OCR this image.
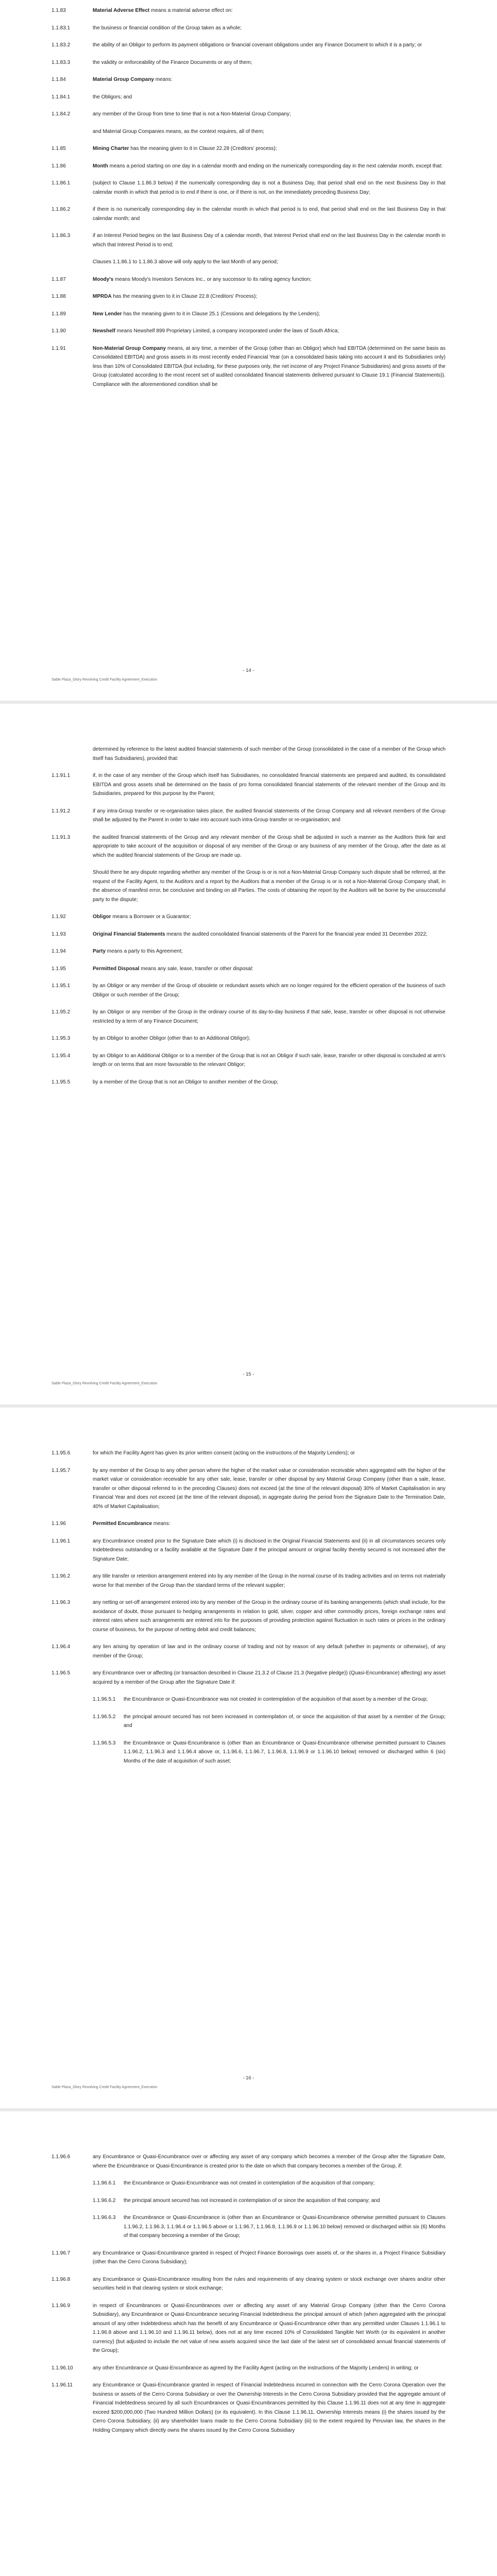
1.1.83	Material Adverse Effect means a material adverse effect on:
1.1.83.1	the business or financial condition of the Group taken as a whole;
1.1.83.2	the ability of an Obligor to perform its payment obligations or financial covenant obligations under any Finance Document to which it is a party; or
1.1.83.3	the validity or enforceability of the Finance Documents or any of them;
1.1.84	Material Group Company means:
1.1.84.1	the Obligors; and
1.1.84.2	any member of the Group from time to time that is not a Non-Material Group Company;
and Material Group Companies means, as the context requires, all of them;
1.1.85	Mining Charter has the meaning given to it in Clause 22.28 (Creditors' process);
1.1.86	Month means a period starting on one day in a calendar month and ending on the numerically corresponding day in the next calendar month, except that:
1.1.86.1	(subject to Clause 1.1.86.3 below) if the numerically corresponding day is not a Business Day, that period shall end on the next Business Day in that calendar month in which that period is to end if there is one, or if there is not, on the immediately preceding Business Day;
1.1.86.2	if there is no numerically corresponding day in the calendar month in which that period is to end, that period shall end on the last Business Day in that calendar month; and
1.1.86.3	if an Interest Period begins on the last Business Day of a calendar month, that Interest Period shall end on the last Business Day in the calendar month in which that Interest Period is to end;
Clauses 1.1.86.1 to 1.1.86.3 above will only apply to the last Month of any period;
1.1.87	Moody's means Moody's Investors Services Inc., or any successor to its rating agency function;
1.1.88	MPRDA has the meaning given to it in Clause 22.8 (Creditors' Process);
1.1.89	New Lender has the meaning given to it in Clause 25.1 (Cessions and delegations by the Lenders);
1.1.90	Newshelf means Newshelf 899 Proprietary Limited, a company incorporated under the laws of South Africa;
1.1.91	Non-Material Group Company means, at any time, a member of the Group (other than an Obligor) which had EBITDA (determined on the same basis as Consolidated EBITDA) and gross assets in its most recently ended Financial Year (on a consolidated basis taking into account it and its Subsidiaries only) less than 10% of Consolidated EBITDA (but including, for these purposes only, the net income of any Project Finance Subsidiaries) and gross assets of the Group (calculated according to the most recent set of audited consolidated financial statements delivered pursuant to Clause 19.1 (Financial Statements)). Compliance with the aforementioned condition shall be
- 14 -
Sable Plaza_Glory Revolving Credit Facility Agreement_Execution
determined by reference to the latest audited financial statements of such member of the Group (consolidated in the case of a member of the Group which itself has Subsidiaries), provided that:
1.1.91.1	if, in the case of any member of the Group which itself has Subsidiaries, no consolidated financial statements are prepared and audited, its consolidated EBITDA and gross assets shall be determined on the basis of pro forma consolidated financial statements of the relevant member of the Group and its Subsidiaries, prepared for this purpose by the Parent;
1.1.91.2	if any intra-Group transfer or re-organisation takes place, the audited financial statements of the Group Company and all relevant members of the Group shall be adjusted by the Parent in order to take into account such intra-Group transfer or re-organisation; and
1.1.91.3	the audited financial statements of the Group and any relevant member of the Group shall be adjusted in such a manner as the Auditors think fair and appropriate to take account of the acquisition or disposal of any member of the Group or any business of any member of the Group, after the date as at which the audited financial statements of the Group are made up.
Should there be any dispute regarding whether any member of the Group is or is not a Non-Material Group Company such dispute shall be referred, at the request of the Facility Agent, to the Auditors and a report by the Auditors that a member of the Group is or is not a Non-Material Group Company shall, in the absence of manifest error, be conclusive and binding on all Parties. The costs of obtaining the report by the Auditors will be borne by the unsuccessful party to the dispute;
1.1.92	Obligor means a Borrower or a Guarantor;
1.1.93	Original Financial Statements means the audited consolidated financial statements of the Parent for the financial year ended 31 December 2022;
1.1.94	Party means a party to this Agreement;
1.1.95	Permitted Disposal means any sale, lease, transfer or other disposal:
1.1.95.1	by an Obligor or any member of the Group of obsolete or redundant assets which are no longer required for the efficient operation of the business of such Obligor or such member of the Group;
1.1.95.2	by an Obligor or any member of the Group in the ordinary course of its day-to-day business if that sale, lease, transfer or other disposal is not otherwise restricted by a term of any Finance Document;
1.1.95.3	by an Obligor to another Obligor (other than to an Additional Obligor);
1.1.95.4	by an Obligor to an Additional Obligor or to a member of the Group that is not an Obligor if such sale, lease, transfer or other disposal is concluded at arm's length or on terms that are more favourable to the relevant Obligor;
1.1.95.5	by a member of the Group that is not an Obligor to another member of the Group;
- 15 -
Sable Plaza_Glory Revolving Credit Facility Agreement_Execution
1.1.95.6	for which the Facility Agent has given its prior written consent (acting on the instructions of the Majority Lenders); or
1.1.95.7	by any member of the Group to any other person where the higher of the market value or consideration receivable when aggregated with the higher of the market value or consideration receivable for any other sale, lease, transfer or other disposal by any Material Group Company (other than a sale, lease, transfer or other disposal referred to in the preceding Clauses) does not exceed (at the time of the relevant disposal) 30% of Market Capitalisation in any Financial Year and does not exceed (at the time of the relevant disposal), in aggregate during the period from the Signature Date to the Termination Date, 40% of Market Capitalisation;
1.1.96	Permitted Encumbrance means:
1.1.96.1	any Encumbrance created prior to the Signature Date which (i) is disclosed in the Original Financial Statements and (ii) in all circumstances secures only Indebtedness outstanding or a facility available at the Signature Date if the principal amount or original facility thereby secured is not increased after the Signature Date;
1.1.96.2	any title transfer or retention arrangement entered into by any member of the Group in the normal course of its trading activities and on terms not materially worse for that member of the Group than the standard terms of the relevant supplier;
1.1.96.3	any netting or set-off arrangement entered into by any member of the Group in the ordinary course of its banking arrangements (which shall include, for the avoidance of doubt, those pursuant to hedging arrangements in relation to gold, silver, copper and other commodity prices, foreign exchange rates and interest rates where such arrangements are entered into for the purposes of providing protection against fluctuation in such rates or prices in the ordinary course of business, for the purpose of netting debit and credit balances;
1.1.96.4	any lien arising by operation of law and in the ordinary course of trading and not by reason of any default (whether in payments or otherwise), of any member of the Group;
1.1.96.5	any Encumbrance over or affecting (or transaction described in Clause 21.3.2 of Clause 21.3 (Negative pledge)) (Quasi-Encumbrance) affecting) any asset acquired by a member of the Group after the Signature Date if:
1.1.96.5.1	the Encumbrance or Quasi-Encumbrance was not created in contemplation of the acquisition of that asset by a member of the Group;
1.1.96.5.2	the principal amount secured has not been increased in contemplation of, or since the acquisition of that asset by a member of the Group; and
1.1.96.5.3	the Encumbrance or Quasi-Encumbrance is (other than an Encumbrance or Quasi-Encumbrance otherwise permitted pursuant to Clauses 1.1.96.2, 1.1.96.3 and 1.1.96.4 above or, 1.1.96.6, 1.1.96.7, 1.1.96.8, 1.1.96.9 or 1.1.96.10 below) removed or discharged within 6 (six) Months of the date of acquisition of such asset;
- 16 -
Sable Plaza_Glory Revolving Credit Facility Agreement_Execution
1.1.96.6	any Encumbrance or Quasi-Encumbrance over or affecting any asset of any company which becomes a member of the Group after the Signature Date, where the Encumbrance or Quasi-Encumbrance is created prior to the date on which that company becomes a member of the Group, if:
1.1.96.6.1	the Encumbrance or Quasi-Encumbrance was not created in contemplation of the acquisition of that company;
1.1.96.6.2	the principal amount secured has not increased in contemplation of or since the acquisition of that company; and
1.1.96.6.3	the Encumbrance or Quasi-Encumbrance is (other than an Encumbrance or Quasi-Encumbrance otherwise permitted pursuant to Clauses 1.1.96.2, 1.1.96.3, 1.1.96.4 or 1.1.96.5 above or 1.1.96.7, 1.1.96.8, 1.1.96.9 or 1.1.96.10 below) removed or discharged within six (6) Months of that company becoming a member of the Group;
1.1.96.7	any Encumbrance or Quasi-Encumbrance granted in respect of Project Finance Borrowings over assets of, or the shares in, a Project Finance Subsidiary (other than the Cerro Corona Subsidiary);
1.1.96.8	any Encumbrance or Quasi-Encumbrance resulting from the rules and requirements of any clearing system or stock exchange over shares and/or other securities held in that clearing system or stock exchange;
1.1.96.9	in respect of Encumbrances or Quasi-Encumbrances over or affecting any asset of any Material Group Company (other than the Cerro Corona Subsidiary), any Encumbrance or Quasi-Encumbrance securing Financial Indebtedness the principal amount of which (when aggregated with the principal amount of any other Indebtedness which has the benefit of any Encumbrance or Quasi-Encumbrance other than any permitted under Clauses 1.1.96.1 to 1.1.96.8 above and 1.1.96.10 and 1.1.96.11 below), does not at any time exceed 10% of Consolidated Tangible Net Worth (or its equivalent in another currency) (but adjusted to include the net value of new assets acquired since the last date of the latest set of consolidated annual financial statements of the Group);
1.1.96.10	any other Encumbrance or Quasi-Encumbrance as agreed by the Facility Agent (acting on the instructions of the Majority Lenders) in writing; or
1.1.96.11	any Encumbrance or Quasi-Encumbrance granted in respect of Financial Indebtedness incurred in connection with the Cerro Corona Operation over the business or assets of the Cerro Corona Subsidiary or over the Ownership Interests in the Cerro Corona Subsidiary provided that the aggregate amount of Financial Indebtedness secured by all such Encumbrances or Quasi-Encumbrances permitted by this Clause 1.1.96.11 does not at any time in aggregate exceed $200,000,000 (Two Hundred Million Dollars) (or its equivalent). In this Clause 1.1.96.11, Ownership Interests means (i) the shares issued by the Cerro Corona Subsidiary, (ii) any shareholder loans made to the Cerro Corona Subsidiary (iii) to the extent required by Peruvian law, the shares in the Holding Company which directly owns the shares issued by the Cerro Corona Subsidiary
